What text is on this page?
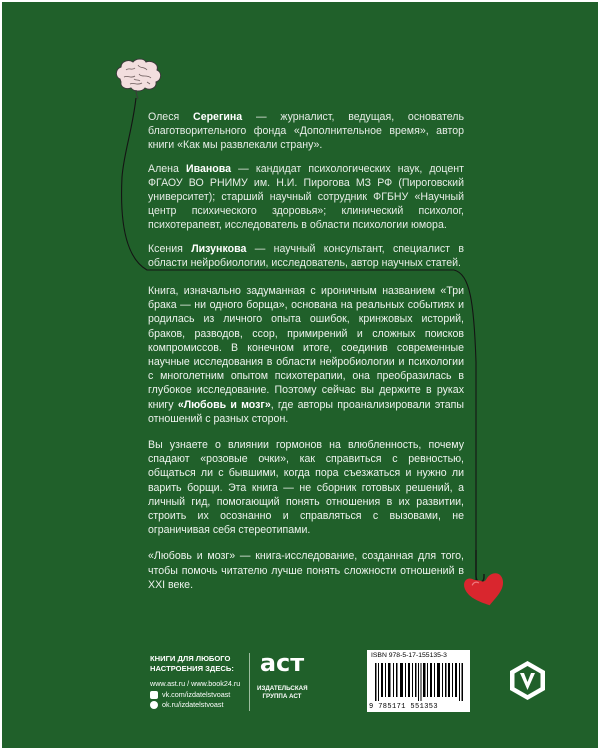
Олеся Серегина — журналист, ведущая, основатель благотворительного фонда «Дополнительное время», автор книги «Как мы развлекали страну».

Алена Иванова — кандидат психологических наук, доцент ФГАОУ ВО РНИМУ им. Н.И. Пирогова МЗ РФ (Пироговский университет); старший научный сотрудник ФГБНУ «Научный центр психического здоровья»; клинический психолог, психотерапевт, исследователь в области психологии юмора.

Ксения Лизункова — научный консультант, специалист в области нейробиологии, исследователь, автор научных статей.

Книга, изначально задуманная с ироничным названием «Три брака — ни одного борща», основана на реальных событиях и родилась из личного опыта ошибок, кринжовых историй, браков, разводов, ссор, примирений и сложных поисков компромиссов. В конечном итоге, соединив современные научные исследования в области нейробиологии и психологии с многолетним опытом психотерапии, она преобразилась в глубокое исследование. Поэтому сейчас вы держите в руках книгу «Любовь и мозг», где авторы проанализировали этапы отношений с разных сторон.

Вы узнаете о влиянии гормонов на влюбленность, почему спадают «розовые очки», как справиться с ревностью, общаться ли с бывшими, когда пора съезжаться и нужно ли варить борщи. Эта книга — не сборник готовых решений, а личный гид, помогающий понять отношения в их развитии, строить их осознанно и справляться с вызовами, не ограничивая себя стереотипами.

«Любовь и мозг» — книга-исследование, созданная для того, чтобы помочь читателю лучше понять сложности отношений в XXI веке.

КНИГИ ДЛЯ ЛЮБОГО
НАСТРОЕНИЯ ЗДЕСЬ:
www.ast.ru / www.book24.ru
vk.com/izdatelstvoast
ok.ru/izdatelstvoast
аст
ИЗДАТЕЛЬСКАЯ
ГРУППА АСТ
ISBN 978-5-17-155135-3
9 785171 551353
